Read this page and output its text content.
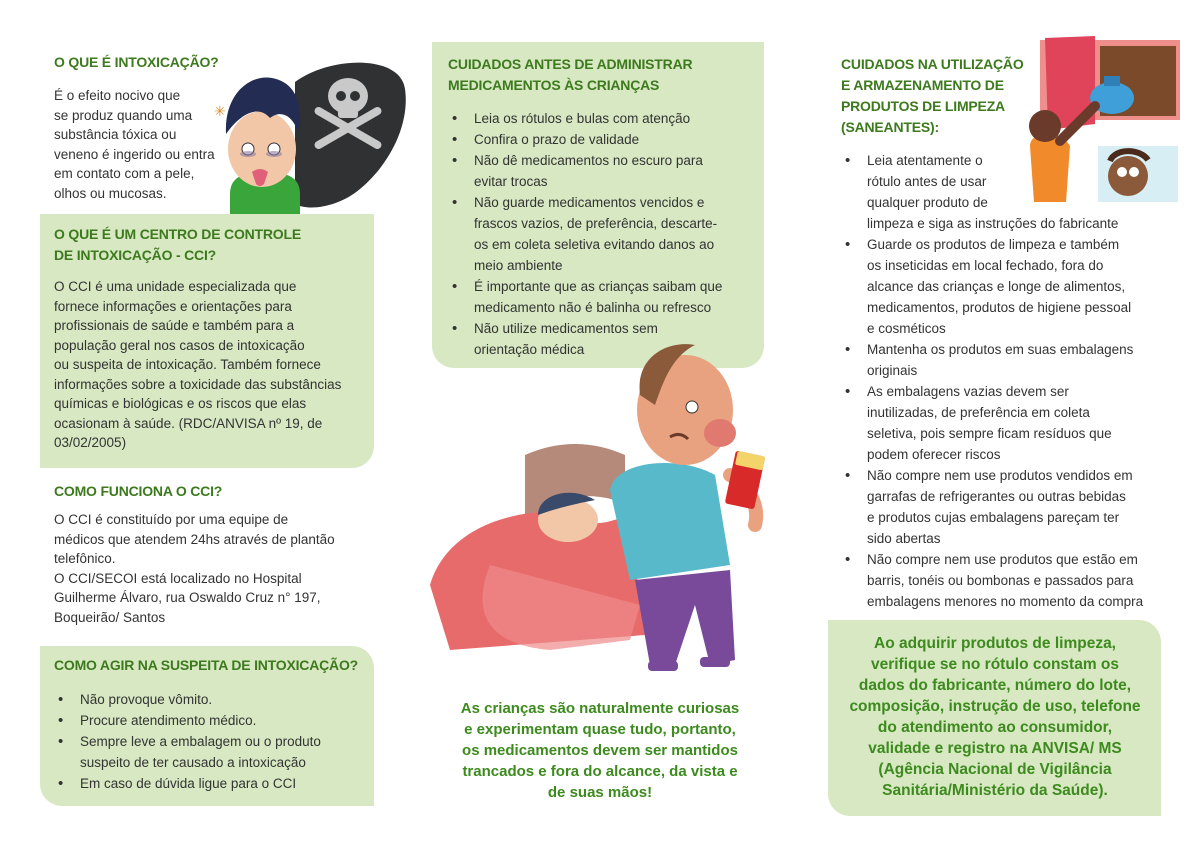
O QUE É INTOXICAÇÃO?
É o efeito nocivo que
se produz quando uma
substância tóxica ou
veneno é ingerido ou entra
em contato com a pele,
olhos ou mucosas.
✳
O QUE É UM CENTRO DE CONTROLE
DE INTOXICAÇÃO - CCI?
O CCI é uma unidade especializada que
fornece informações e orientações para
profissionais de saúde e também para a
população geral nos casos de intoxicação
ou suspeita de intoxicação. Também fornece
informações sobre a toxicidade das substâncias
químicas e biológicas e os riscos que elas
ocasionam à saúde. (RDC/ANVISA nº 19, de
03/02/2005)
COMO FUNCIONA O CCI?
O CCI é constituído por uma equipe de
médicos que atendem 24hs através de plantão
telefônico.
O CCI/SECOI está localizado no Hospital
Guilherme Álvaro, rua Oswaldo Cruz n° 197,
Boqueirão/ Santos
COMO AGIR NA SUSPEITA DE INTOXICAÇÃO?
• Não provoque vômito.
• Procure atendimento médico.
• Sempre leve a embalagem ou o produto
suspeito de ter causado a intoxicação
• Em caso de dúvida ligue para o CCI
CUIDADOS ANTES DE ADMINISTRAR
MEDICAMENTOS ÀS CRIANÇAS
• Leia os rótulos e bulas com atenção
• Confira o prazo de validade
• Não dê medicamentos no escuro para
evitar trocas
• Não guarde medicamentos vencidos e
frascos vazios, de preferência, descarte-
os em coleta seletiva evitando danos ao
meio ambiente
• É importante que as crianças saibam que
medicamento não é balinha ou refresco
• Não utilize medicamentos sem
orientação médica
As crianças são naturalmente curiosas
e experimentam quase tudo, portanto,
os medicamentos devem ser mantidos
trancados e fora do alcance, da vista e
de suas mãos!
CUIDADOS NA UTILIZAÇÃO
E ARMAZENAMENTO DE
PRODUTOS DE LIMPEZA
(SANEANTES):
• Leia atentamente o
rótulo antes de usar
qualquer produto de
limpeza e siga as instruções do fabricante
• Guarde os produtos de limpeza e também
os inseticidas em local fechado, fora do
alcance das crianças e longe de alimentos,
medicamentos, produtos de higiene pessoal
e cosméticos
• Mantenha os produtos em suas embalagens
originais
• As embalagens vazias devem ser
inutilizadas, de preferência em coleta
seletiva, pois sempre ficam resíduos que
podem oferecer riscos
• Não compre nem use produtos vendidos em
garrafas de refrigerantes ou outras bebidas
e produtos cujas embalagens pareçam ter
sido abertas
• Não compre nem use produtos que estão em
barris, tonéis ou bombonas e passados para
embalagens menores no momento da compra
Ao adquirir produtos de limpeza,
verifique se no rótulo constam os
dados do fabricante, número do lote,
composição, instrução de uso, telefone
do atendimento ao consumidor,
validade e registro na ANVISA/ MS
(Agência Nacional de Vigilância
Sanitária/Ministério da Saúde).
